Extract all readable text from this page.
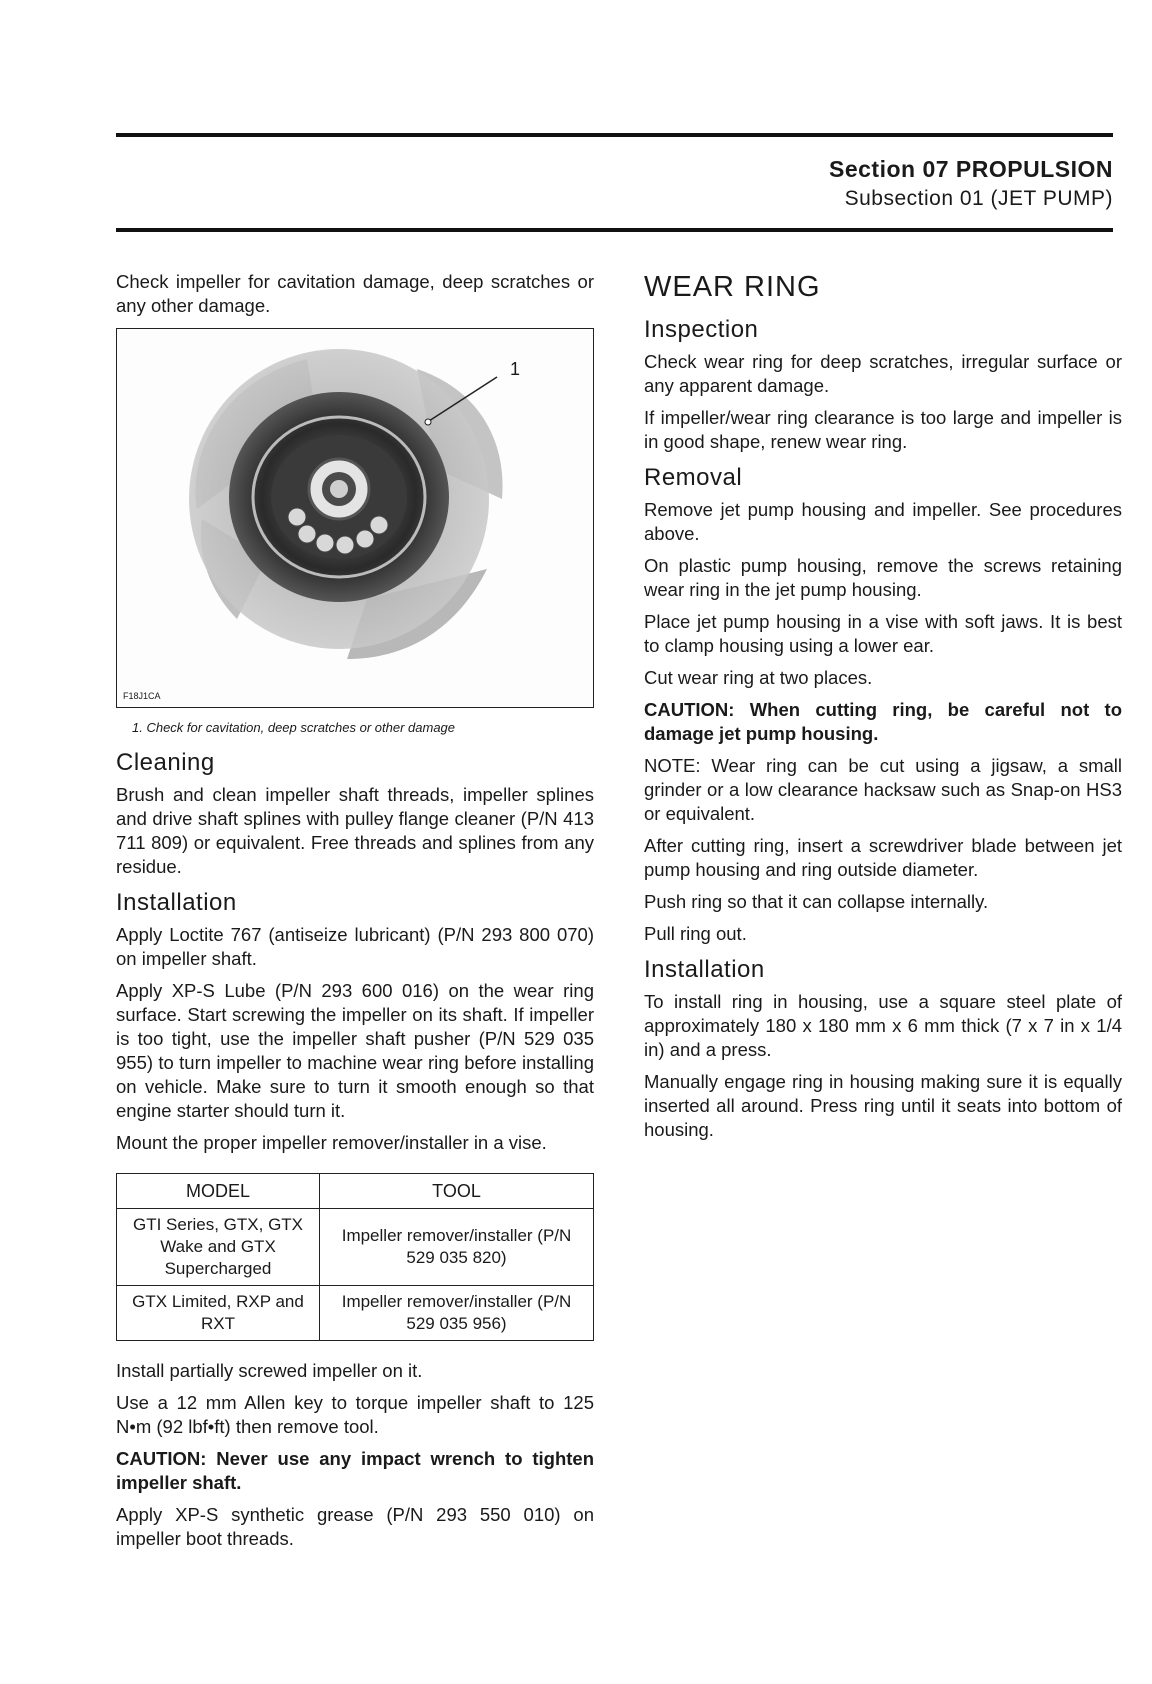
Section 07 PROPULSION
Subsection 01 (JET PUMP)

Check impeller for cavitation damage, deep scratches or any other damage.

1
F18J1CA
1. Check for cavitation, deep scratches or other damage
Cleaning

Brush and clean impeller shaft threads, impeller splines and drive shaft splines with pulley flange cleaner (P/N 413 711 809) or equivalent. Free threads and splines from any residue.

Installation

Apply Loctite 767 (antiseize lubricant) (P/N 293 800 070) on impeller shaft.

Apply XP-S Lube (P/N 293 600 016) on the wear ring surface. Start screwing the impeller on its shaft. If impeller is too tight, use the impeller shaft pusher (P/N 529 035 955) to turn impeller to machine wear ring before installing on vehicle. Make sure to turn it smooth enough so that engine starter should turn it.

Mount the proper impeller remover/installer in a vise.

MODEL	TOOL
GTI Series, GTX, GTX Wake and GTX Supercharged	Impeller remover/installer (P/N 529 035 820)
GTX Limited, RXP and RXT	Impeller remover/installer (P/N 529 035 956)

Install partially screwed impeller on it.

Use a 12 mm Allen key to torque impeller shaft to 125 N•m (92 lbf•ft) then remove tool.

CAUTION: Never use any impact wrench to tighten impeller shaft.

Apply XP-S synthetic grease (P/N 293 550 010) on impeller boot threads.

WEAR RING
Inspection

Check wear ring for deep scratches, irregular surface or any apparent damage.

If impeller/wear ring clearance is too large and impeller is in good shape, renew wear ring.

Removal

Remove jet pump housing and impeller. See procedures above.

On plastic pump housing, remove the screws retaining wear ring in the jet pump housing.

Place jet pump housing in a vise with soft jaws. It is best to clamp housing using a lower ear.

Cut wear ring at two places.

CAUTION: When cutting ring, be careful not to damage jet pump housing.

NOTE: Wear ring can be cut using a jigsaw, a small grinder or a low clearance hacksaw such as Snap-on HS3 or equivalent.

After cutting ring, insert a screwdriver blade between jet pump housing and ring outside diameter.

Push ring so that it can collapse internally.

Pull ring out.

Installation

To install ring in housing, use a square steel plate of approximately 180 x 180 mm x 6 mm thick (7 x 7 in x 1/4 in) and a press.

Manually engage ring in housing making sure it is equally inserted all around. Press ring until it seats into bottom of housing.
